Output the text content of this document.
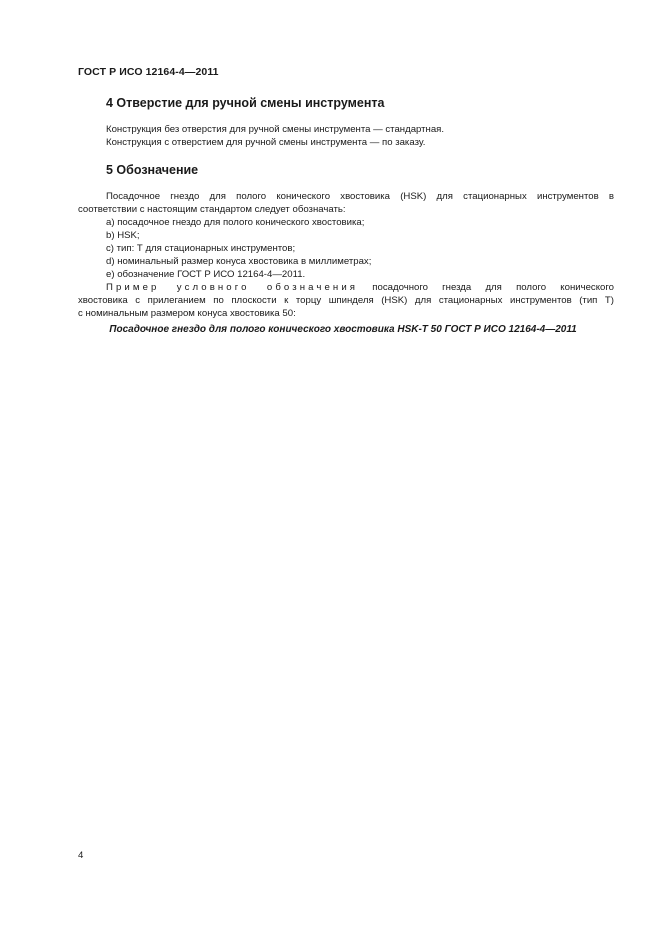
ГОСТ Р ИСО 12164-4—2011
4 Отверстие для ручной смены инструмента
Конструкция без отверстия для ручной смены инструмента — стандартная.
Конструкция с отверстием для ручной смены инструмента — по заказу.
5 Обозначение
Посадочное гнездо для полого конического хвостовика (HSK) для стационарных инструментов в
соответствии с настоящим стандартом следует обозначать:
a) посадочное гнездо для полого конического хвостовика;
b) HSK;
c) тип: Т для стационарных инструментов;
d) номинальный размер конуса хвостовика в миллиметрах;
e) обозначение ГОСТ Р ИСО 12164-4—2011.
Пример условного обозначения посадочного гнезда для полого конического
хвостовика с прилеганием по плоскости к торцу шпинделя (HSK) для стационарных инструментов (тип Т)
с номинальным размером конуса хвостовика 50:
Посадочное гнездо для полого конического хвостовика HSK-T 50 ГОСТ Р ИСО 12164-4—2011
4
